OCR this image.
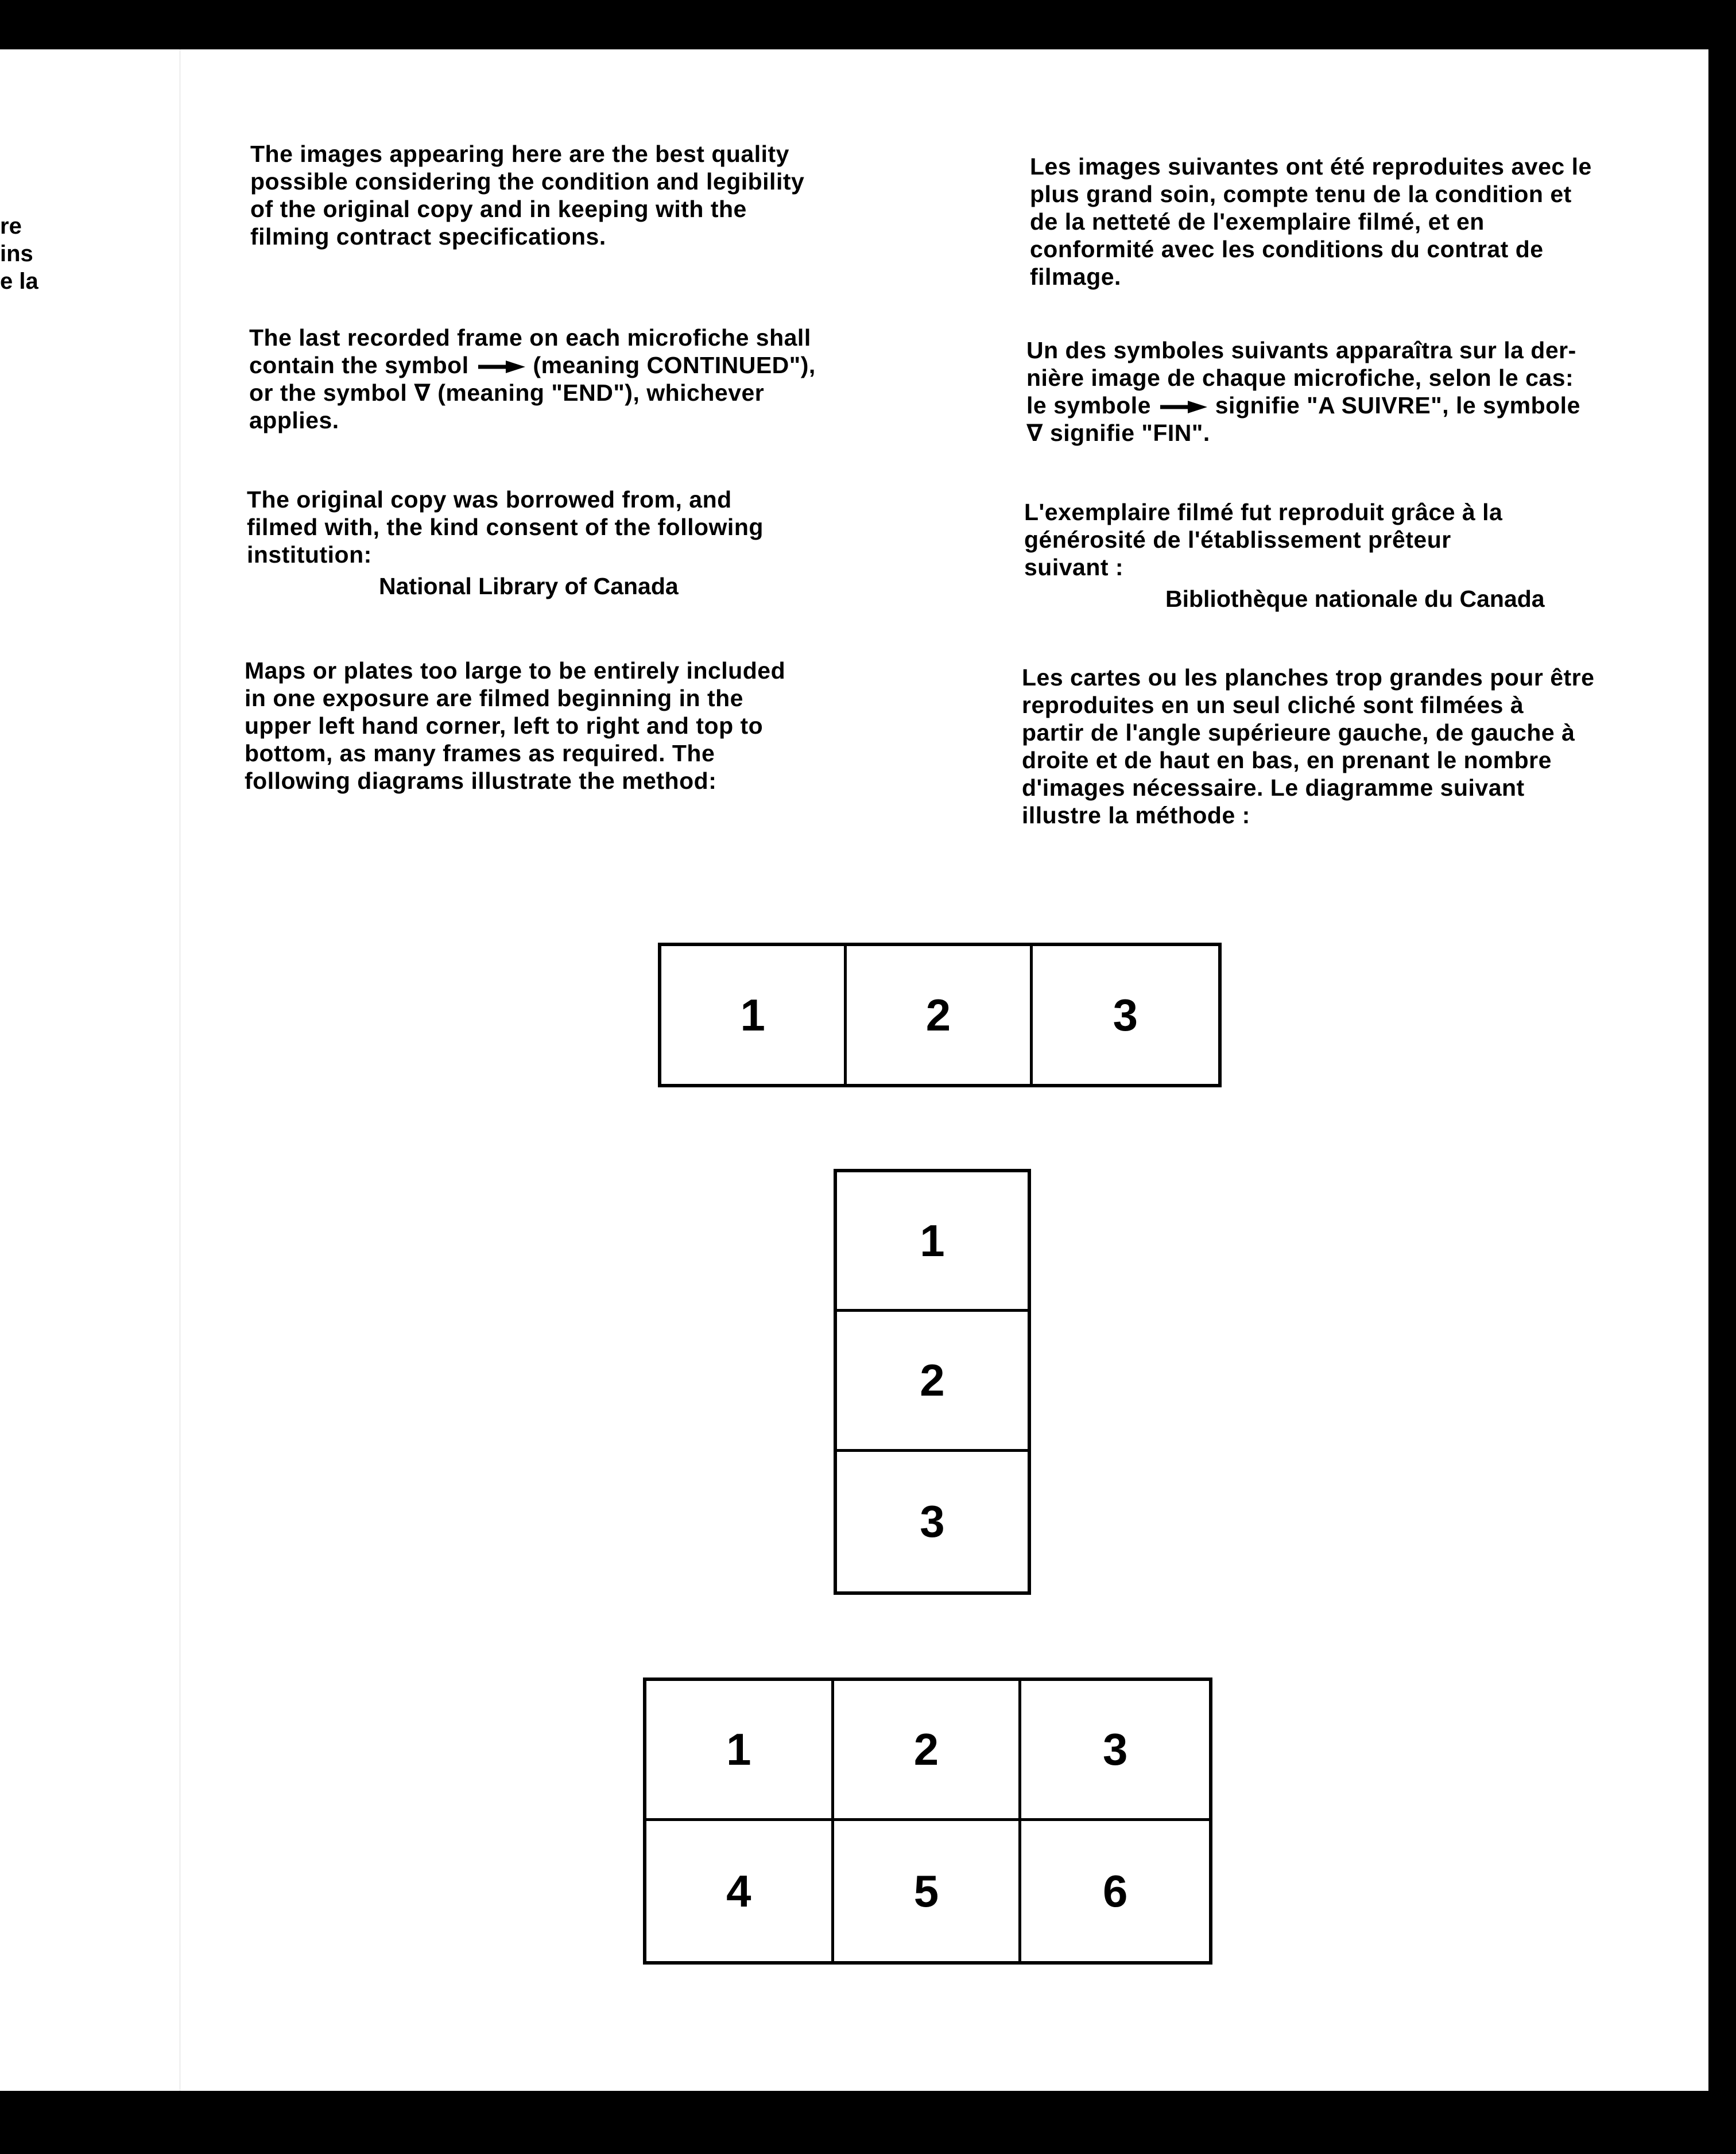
re
ins
e la
The images appearing here are the best quality
possible considering the condition and legibility
of the original copy and in keeping with the
filming contract specifications.
The last recorded frame on each microfiche shall
contain the symbol	(meaning CONTINUED"),
or the symbol ∇ (meaning "END"), whichever
applies.
The original copy was borrowed from, and
filmed with, the kind consent of the following
institution:
National Library of Canada
Maps or plates too large to be entirely included
in one exposure are filmed beginning in the
upper left hand corner, left to right and top to
bottom, as many frames as required. The
following diagrams illustrate the method:
Les images suivantes ont été reproduites avec le
plus grand soin, compte tenu de la condition et
de la netteté de l'exemplaire filmé, et en
conformité avec les conditions du contrat de
filmage.
Un des symboles suivants apparaîtra sur la der-
nière image de chaque microfiche, selon le cas:
le symbole	signifie "A SUIVRE", le symbole
∇ signifie "FIN".
L'exemplaire filmé fut reproduit grâce à la
générosité de l'établissement prêteur
suivant :
Bibliothèque nationale du Canada
Les cartes ou les planches trop grandes pour être
reproduites en un seul cliché sont filmées à
partir de l'angle supérieure gauche, de gauche à
droite et de haut en bas, en prenant le nombre
d'images nécessaire. Le diagramme suivant
illustre la méthode :
1	2	3
1
2
3
1	2	3
4	5	6
